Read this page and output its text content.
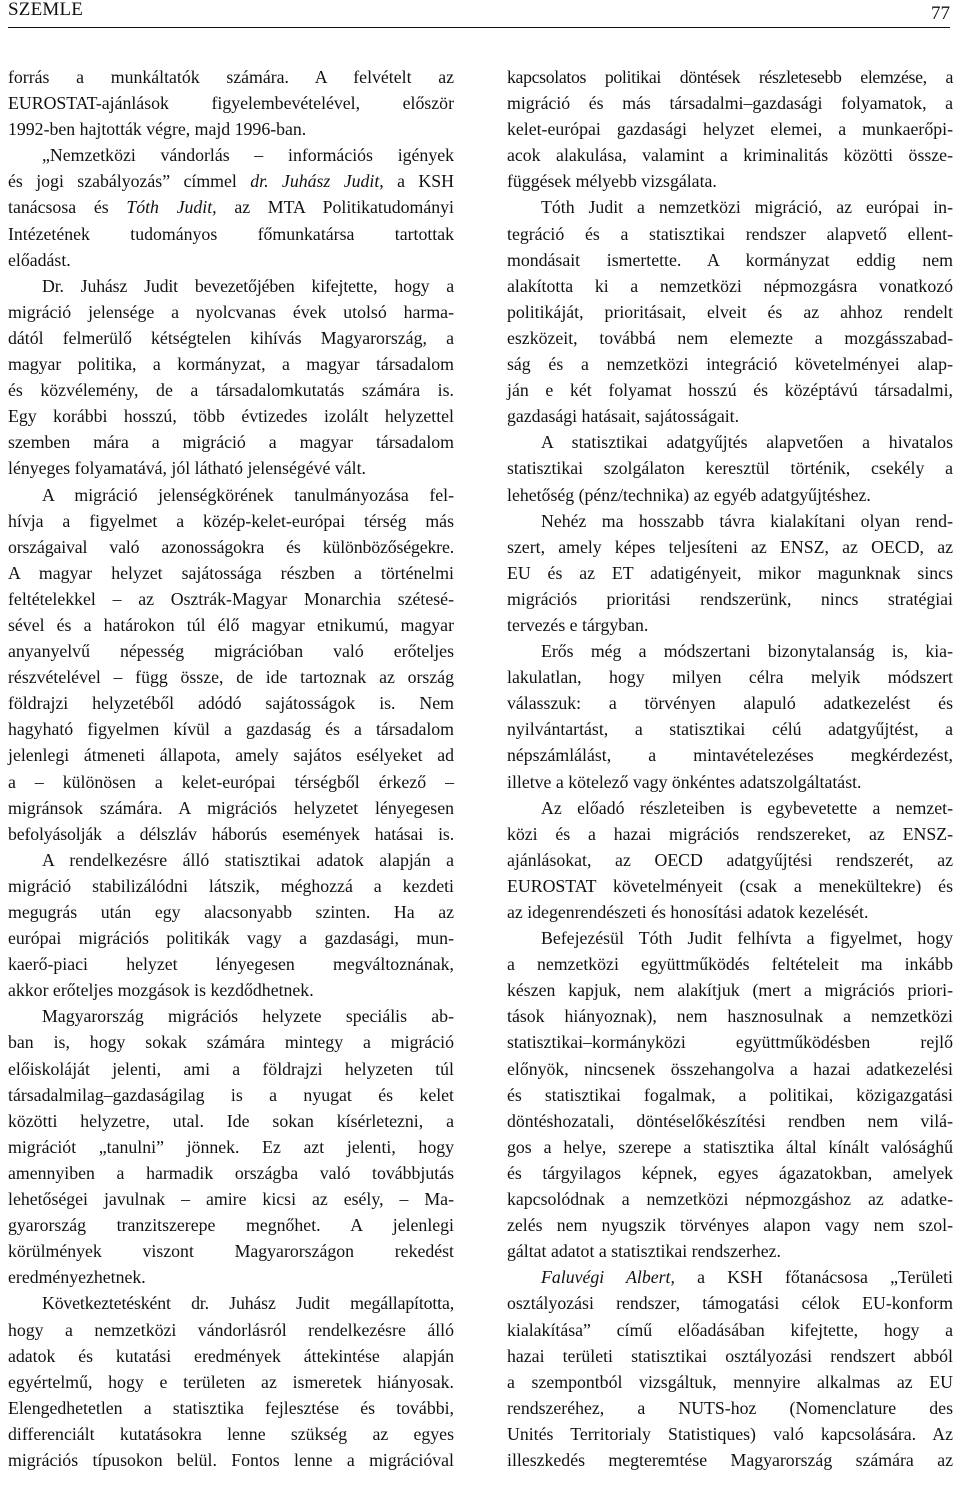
SZEMLE	77
forrás a munkáltatók számára. A felvételt az
EUROSTAT-ajánlások figyelembevételével, először
1992-ben hajtották végre, majd 1996-ban.
„Nemzetközi vándorlás – információs igények
és jogi szabályozás” címmel dr. Juhász Judit, a KSH
tanácsosa és Tóth Judit, az MTA Politikatudományi
Intézetének tudományos főmunkatársa tartottak
előadást.
Dr. Juhász Judit bevezetőjében kifejtette, hogy a
migráció jelensége a nyolcvanas évek utolsó harma-
dától felmerülő kétségtelen kihívás Magyarország, a
magyar politika, a kormányzat, a magyar társadalom
és közvélemény, de a társadalomkutatás számára is.
Egy korábbi hosszú, több évtizedes izolált helyzettel
szemben mára a migráció a magyar társadalom
lényeges folyamatává, jól látható jelenségévé vált.
A migráció jelenségkörének tanulmányozása fel-
hívja a figyelmet a közép-kelet-európai térség más
országaival való azonosságokra és különbözőségekre.
A magyar helyzet sajátossága részben a történelmi
feltételekkel – az Osztrák-Magyar Monarchia szétesé-
sével és a határokon túl élő magyar etnikumú, magyar
anyanyelvű népesség migrációban való erőteljes
részvételével – függ össze, de ide tartoznak az ország
földrajzi helyzetéből adódó sajátosságok is. Nem
hagyható figyelmen kívül a gazdaság és a társadalom
jelenlegi átmeneti állapota, amely sajátos esélyeket ad
a – különösen a kelet-európai térségből érkező –
migránsok számára. A migrációs helyzetet lényegesen
befolyásolják a délszláv háborús események hatásai is.
A rendelkezésre álló statisztikai adatok alapján a
migráció stabilizálódni látszik, méghozzá a kezdeti
megugrás után egy alacsonyabb szinten. Ha az
európai migrációs politikák vagy a gazdasági, mun-
kaerő-piaci helyzet lényegesen megváltoznának,
akkor erőteljes mozgások is kezdődhetnek.
Magyarország migrációs helyzete speciális ab-
ban is, hogy sokak számára mintegy a migráció
előiskoláját jelenti, ami a földrajzi helyzeten túl
társadalmilag–gazdaságilag is a nyugat és kelet
közötti helyzetre, utal. Ide sokan kísérletezni, a
migrációt „tanulni” jönnek. Ez azt jelenti, hogy
amennyiben a harmadik országba való továbbjutás
lehetőségei javulnak – amire kicsi az esély, – Ma-
gyarország tranzitszerepe megnőhet. A jelenlegi
körülmények viszont Magyarországon rekedést
eredményezhetnek.
Következtetésként dr. Juhász Judit megállapította,
hogy a nemzetközi vándorlásról rendelkezésre álló
adatok és kutatási eredmények áttekintése alapján
egyértelmű, hogy e területen az ismeretek hiányosak.
Elengedhetetlen a statisztika fejlesztése és további,
differenciált kutatásokra lenne szükség az egyes
migrációs típusokon belül. Fontos lenne a migrációval
kapcsolatos politikai döntések részletesebb elemzése, a
migráció és más társadalmi–gazdasági folyamatok, a
kelet-európai gazdasági helyzet elemei, a munkaerőpi-
acok alakulása, valamint a kriminalitás közötti össze-
függések mélyebb vizsgálata.
Tóth Judit a nemzetközi migráció, az európai in-
tegráció és a statisztikai rendszer alapvető ellent-
mondásait ismertette. A kormányzat eddig nem
alakította ki a nemzetközi népmozgásra vonatkozó
politikáját, prioritásait, elveit és az ahhoz rendelt
eszközeit, továbbá nem elemezte a mozgásszabad-
ság és a nemzetközi integráció követelményei alap-
ján e két folyamat hosszú és középtávú társadalmi,
gazdasági hatásait, sajátosságait.
A statisztikai adatgyűjtés alapvetően a hivatalos
statisztikai szolgálaton keresztül történik, csekély a
lehetőség (pénz/technika) az egyéb adatgyűjtéshez.
Nehéz ma hosszabb távra kialakítani olyan rend-
szert, amely képes teljesíteni az ENSZ, az OECD, az
EU és az ET adatigényeit, mikor magunknak sincs
migrációs prioritási rendszerünk, nincs stratégiai
tervezés e tárgyban.
Erős még a módszertani bizonytalanság is, kia-
lakulatlan, hogy milyen célra melyik módszert
válasszuk: a törvényen alapuló adatkezelést és
nyilvántartást, a statisztikai célú adatgyűjtést, a
népszámlálást, a mintavételezéses megkérdezést,
illetve a kötelező vagy önkéntes adatszolgáltatást.
Az előadó részleteiben is egybevetette a nemzet-
közi és a hazai migrációs rendszereket, az ENSZ-
ajánlásokat, az OECD adatgyűjtési rendszerét, az
EUROSTAT követelményeit (csak a menekültekre) és
az idegenrendészeti és honosítási adatok kezelését.
Befejezésül Tóth Judit felhívta a figyelmet, hogy
a nemzetközi együttműködés feltételeit ma inkább
készen kapjuk, nem alakítjuk (mert a migrációs priori-
tások hiányoznak), nem hasznosulnak a nemzetközi
statisztikai–kormányközi együttműködésben rejlő
előnyök, nincsenek összehangolva a hazai adatkezelési
és statisztikai fogalmak, a politikai, közigazgatási
döntéshozatali, döntéselőkészítési rendben nem vilá-
gos a helye, szerepe a statisztika által kínált valósághű
és tárgyilagos képnek, egyes ágazatokban, amelyek
kapcsolódnak a nemzetközi népmozgáshoz az adatke-
zelés nem nyugszik törvényes alapon vagy nem szol-
gáltat adatot a statisztikai rendszerhez.
Faluvégi Albert, a KSH főtanácsosa „Területi
osztályozási rendszer, támogatási célok EU-konform
kialakítása” című előadásában kifejtette, hogy a
hazai területi statisztikai osztályozási rendszert abból
a szempontból vizsgáltuk, mennyire alkalmas az EU
rendszeréhez, a NUTS-hoz (Nomenclature des
Unités Territorialy Statistiques) való kapcsolására. Az
illeszkedés megteremtése Magyarország számára az
